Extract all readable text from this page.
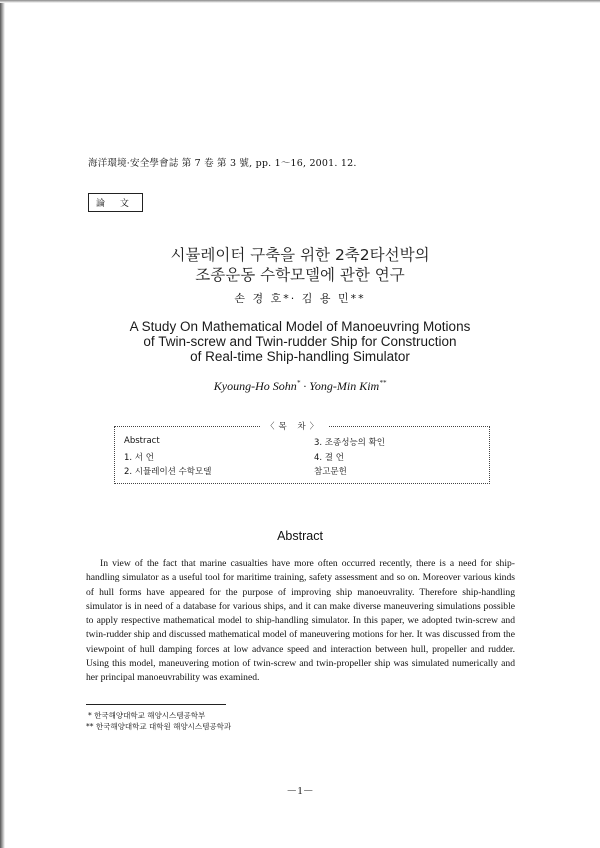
海洋環境·安全學會誌 第 7 卷 第 3 號, pp. 1～16, 2001. 12.
論 文
시뮬레이터 구축을 위한 2축2타선박의
조종운동 수학모델에 관한 연구
손 경 호*· 김 용 민**
A Study On Mathematical Model of Manoeuvring Motions
of Twin-screw and Twin-rudder Ship for Construction
of Real-time Ship-handling Simulator
Kyoung-Ho Sohn* · Yong-Min Kim**
〈목 차〉
Abstract
1. 서 언
2. 시뮬레이션 수학모델
3. 조종성능의 확인
4. 결 언
참고문헌
Abstract
In view of the fact that marine casualties have more often occurred recently, there is a need for ship-handling simulator as a useful tool for maritime training, safety assessment and so on. Moreover various kinds of hull forms have appeared for the purpose of improving ship manoeuvrality. Therefore ship-handling simulator is in need of a database for various ships, and it can make diverse maneuvering simulations possible to apply respective mathematical model to ship-handling simulator. In this paper, we adopted twin-screw and twin-rudder ship and discussed mathematical model of maneuvering motions for her. It was discussed from the viewpoint of hull damping forces at low advance speed and interaction between hull, propeller and rudder. Using this model, maneuvering motion of twin-screw and twin-propeller ship was simulated numerically and her principal manoeuvrability was examined.
* 한국해양대학교 해양시스템공학부
** 한국해양대학교 대학원 해양시스템공학과
－1－
